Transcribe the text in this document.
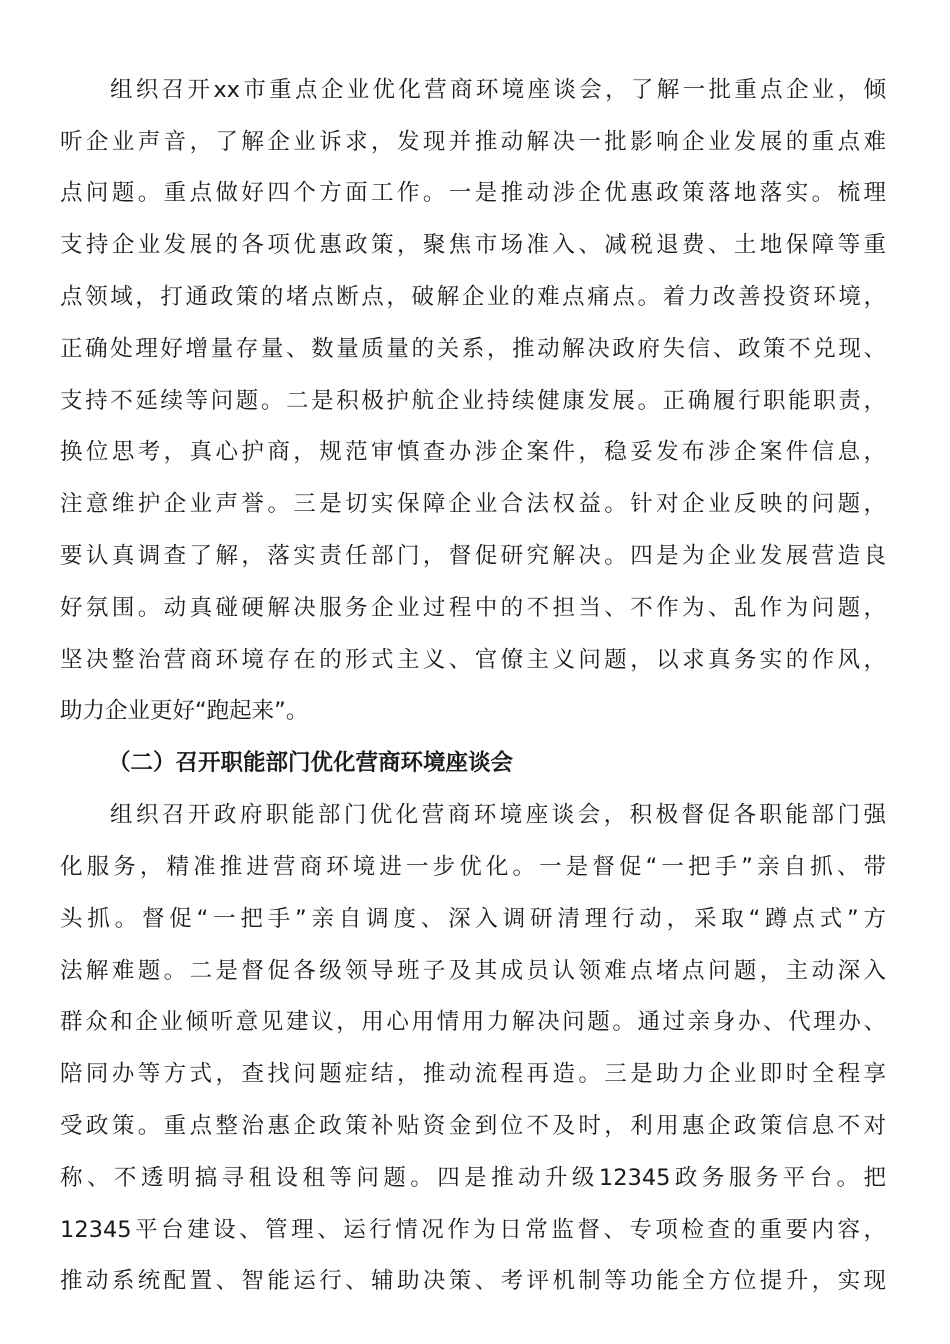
组织召开xx市重点企业优化营商环境座谈会，了解一批重点企业，倾
听企业声音，了解企业诉求，发现并推动解决一批影响企业发展的重点难
点问题。重点做好四个方面工作。一是推动涉企优惠政策落地落实。梳理
支持企业发展的各项优惠政策，聚焦市场准入、减税退费、土地保障等重
点领域，打通政策的堵点断点，破解企业的难点痛点。着力改善投资环境，
正确处理好增量存量、数量质量的关系，推动解决政府失信、政策不兑现、
支持不延续等问题。二是积极护航企业持续健康发展。正确履行职能职责，
换位思考，真心护商，规范审慎查办涉企案件，稳妥发布涉企案件信息，
注意维护企业声誉。三是切实保障企业合法权益。针对企业反映的问题，
要认真调查了解，落实责任部门，督促研究解决。四是为企业发展营造良
好氛围。动真碰硬解决服务企业过程中的不担当、不作为、乱作为问题，
坚决整治营商环境存在的形式主义、官僚主义问题，以求真务实的作风，
助力企业更好“跑起来”。
（二）召开职能部门优化营商环境座谈会
组织召开政府职能部门优化营商环境座谈会，积极督促各职能部门强
化服务，精准推进营商环境进一步优化。一是督促“一把手”亲自抓、带
头抓。督促“一把手”亲自调度、深入调研清理行动，采取“蹲点式”方
法解难题。二是督促各级领导班子及其成员认领难点堵点问题，主动深入
群众和企业倾听意见建议，用心用情用力解决问题。通过亲身办、代理办、
陪同办等方式，查找问题症结，推动流程再造。三是助力企业即时全程享
受政策。重点整治惠企政策补贴资金到位不及时，利用惠企政策信息不对
称、不透明搞寻租设租等问题。四是推动升级12345政务服务平台。把
12345平台建设、管理、运行情况作为日常监督、专项检查的重要内容，
推动系统配置、智能运行、辅助决策、考评机制等功能全方位提升，实现
